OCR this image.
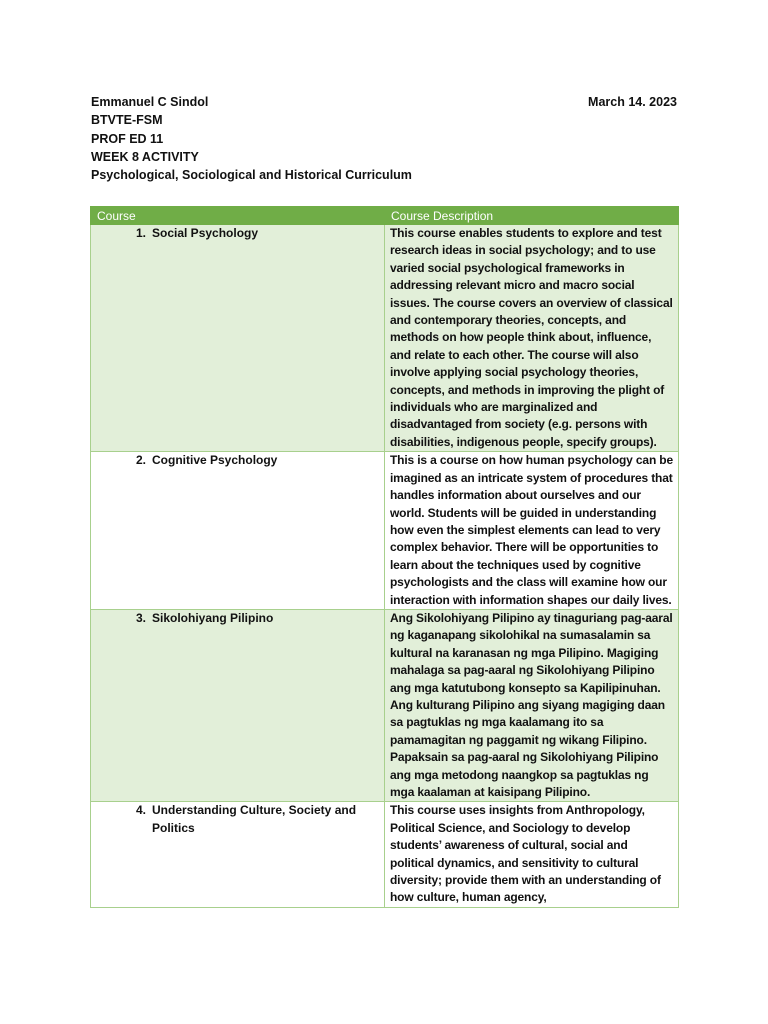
Emmanuel C Sindol	March 14. 2023
BTVTE-FSM
PROF ED 11
WEEK 8 ACTIVITY
Psychological, Sociological and Historical Curriculum
Course	Course Description

1. Social Psychology	This course enables students to explore and test research ideas in social psychology; and to use varied social psychological frameworks in addressing relevant micro and macro social issues. The course covers an overview of classical and contemporary theories, concepts, and methods on how people think about, influence, and relate to each other. The course will also involve applying social psychology theories, concepts, and methods in improving the plight of individuals who are marginalized and disadvantaged from society (e.g. persons with disabilities, indigenous people, specify groups).

2. Cognitive Psychology	This is a course on how human psychology can be imagined as an intricate system of procedures that handles information about ourselves and our world. Students will be guided in understanding how even the simplest elements can lead to very complex behavior. There will be opportunities to learn about the techniques used by cognitive psychologists and the class will examine how our interaction with information shapes our daily lives.

3. Sikolohiyang Pilipino	Ang Sikolohiyang Pilipino ay tinaguriang pag-aaral ng kaganapang sikolohikal na sumasalamin sa kultural na karanasan ng mga Pilipino. Magiging mahalaga sa pag-aaral ng Sikolohiyang Pilipino ang mga katutubong konsepto sa Kapilipinuhan. Ang kulturang Pilipino ang siyang magiging daan sa pagtuklas ng mga kaalamang ito sa pamamagitan ng paggamit ng wikang Filipino. Papaksain sa pag-aaral ng Sikolohiyang Pilipino ang mga metodong naangkop sa pagtuklas ng mga kaalaman at kaisipang Pilipino.

4. Understanding Culture, Society and Politics	This course uses insights from Anthropology, Political Science, and Sociology to develop students’ awareness of cultural, social and political dynamics, and sensitivity to cultural diversity; provide them with an understanding of how culture, human agency,
